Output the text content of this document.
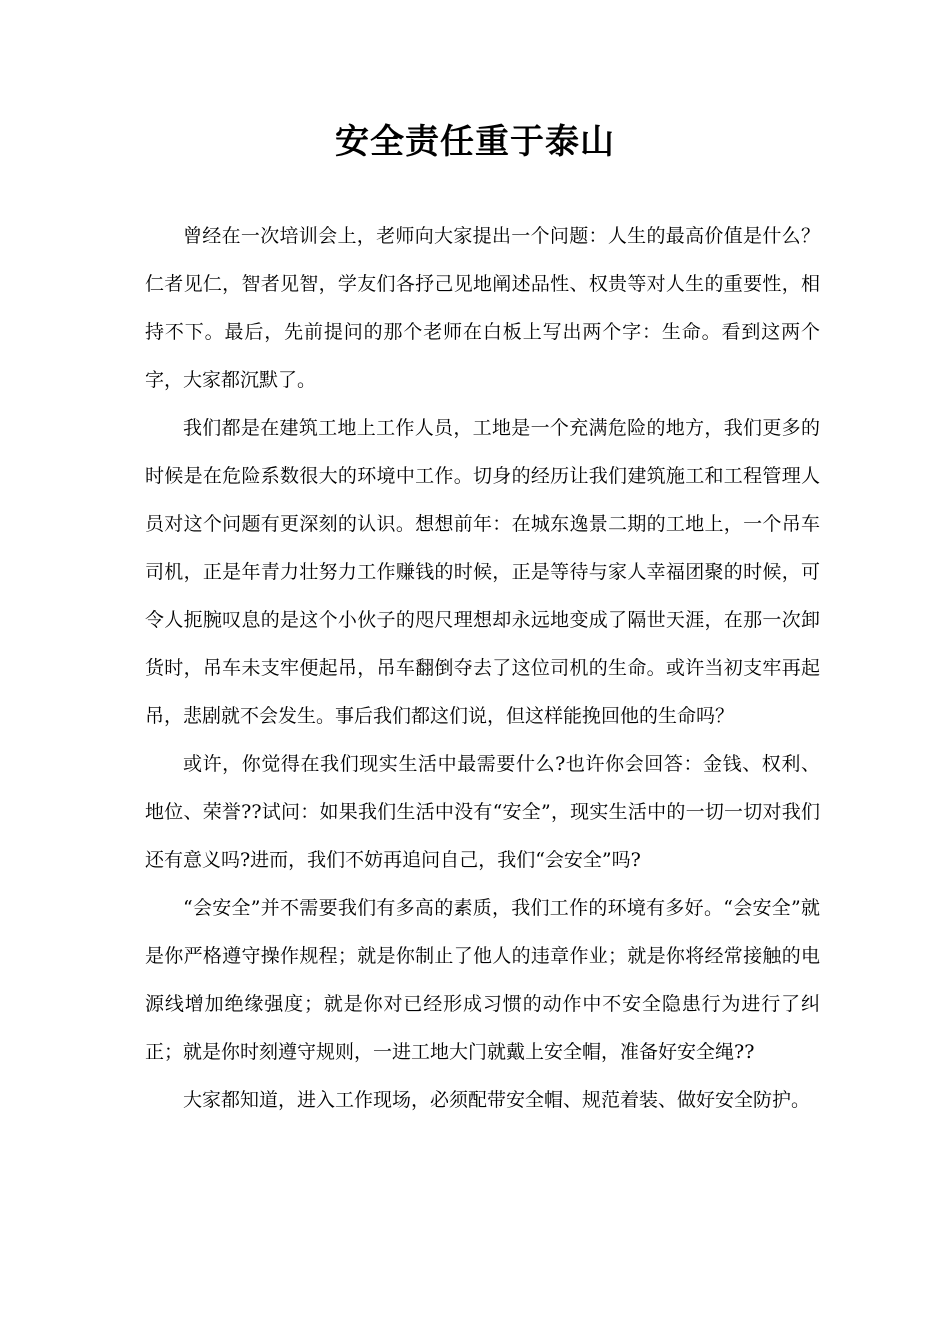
安全责任重于泰山

曾经在一次培训会上，老师向大家提出一个问题：人生的最高价值是什么？ 仁者见仁，智者见智，学友们各抒己见地阐述品性、权贵等对人生的重要性，相持不下。最后，先前提问的那个老师在白板上写出两个字：生命。看到这两个字，大家都沉默了。

我们都是在建筑工地上工作人员，工地是一个充满危险的地方，我们更多的时候是在危险系数很大的环境中工作。切身的经历让我们建筑施工和工程管理人员对这个问题有更深刻的认识。想想前年：在城东逸景二期的工地上，一个吊车司机，正是年青力壮努力工作赚钱的时候，正是等待与家人幸福团聚的时候，可令人扼腕叹息的是这个小伙子的咫尺理想却永远地变成了隔世天涯，在那一次卸货时，吊车未支牢便起吊，吊车翻倒夺去了这位司机的生命。或许当初支牢再起吊，悲剧就不会发生。事后我们都这们说，但这样能挽回他的生命吗？

或许，你觉得在我们现实生活中最需要什么?也许你会回答：金钱、权利、地位、荣誉??试问：如果我们生活中没有“安全”，现实生活中的一切一切对我们还有意义吗?进而，我们不妨再追问自己，我们“会安全”吗?

“会安全”并不需要我们有多高的素质，我们工作的环境有多好。“会安全”就是你严格遵守操作规程；就是你制止了他人的违章作业；就是你将经常接触的电源线增加绝缘强度；就是你对已经形成习惯的动作中不安全隐患行为进行了纠正；就是你时刻遵守规则，一进工地大门就戴上安全帽，准备好安全绳??

大家都知道，进入工作现场，必须配带安全帽、规范着装、做好安全防护。
